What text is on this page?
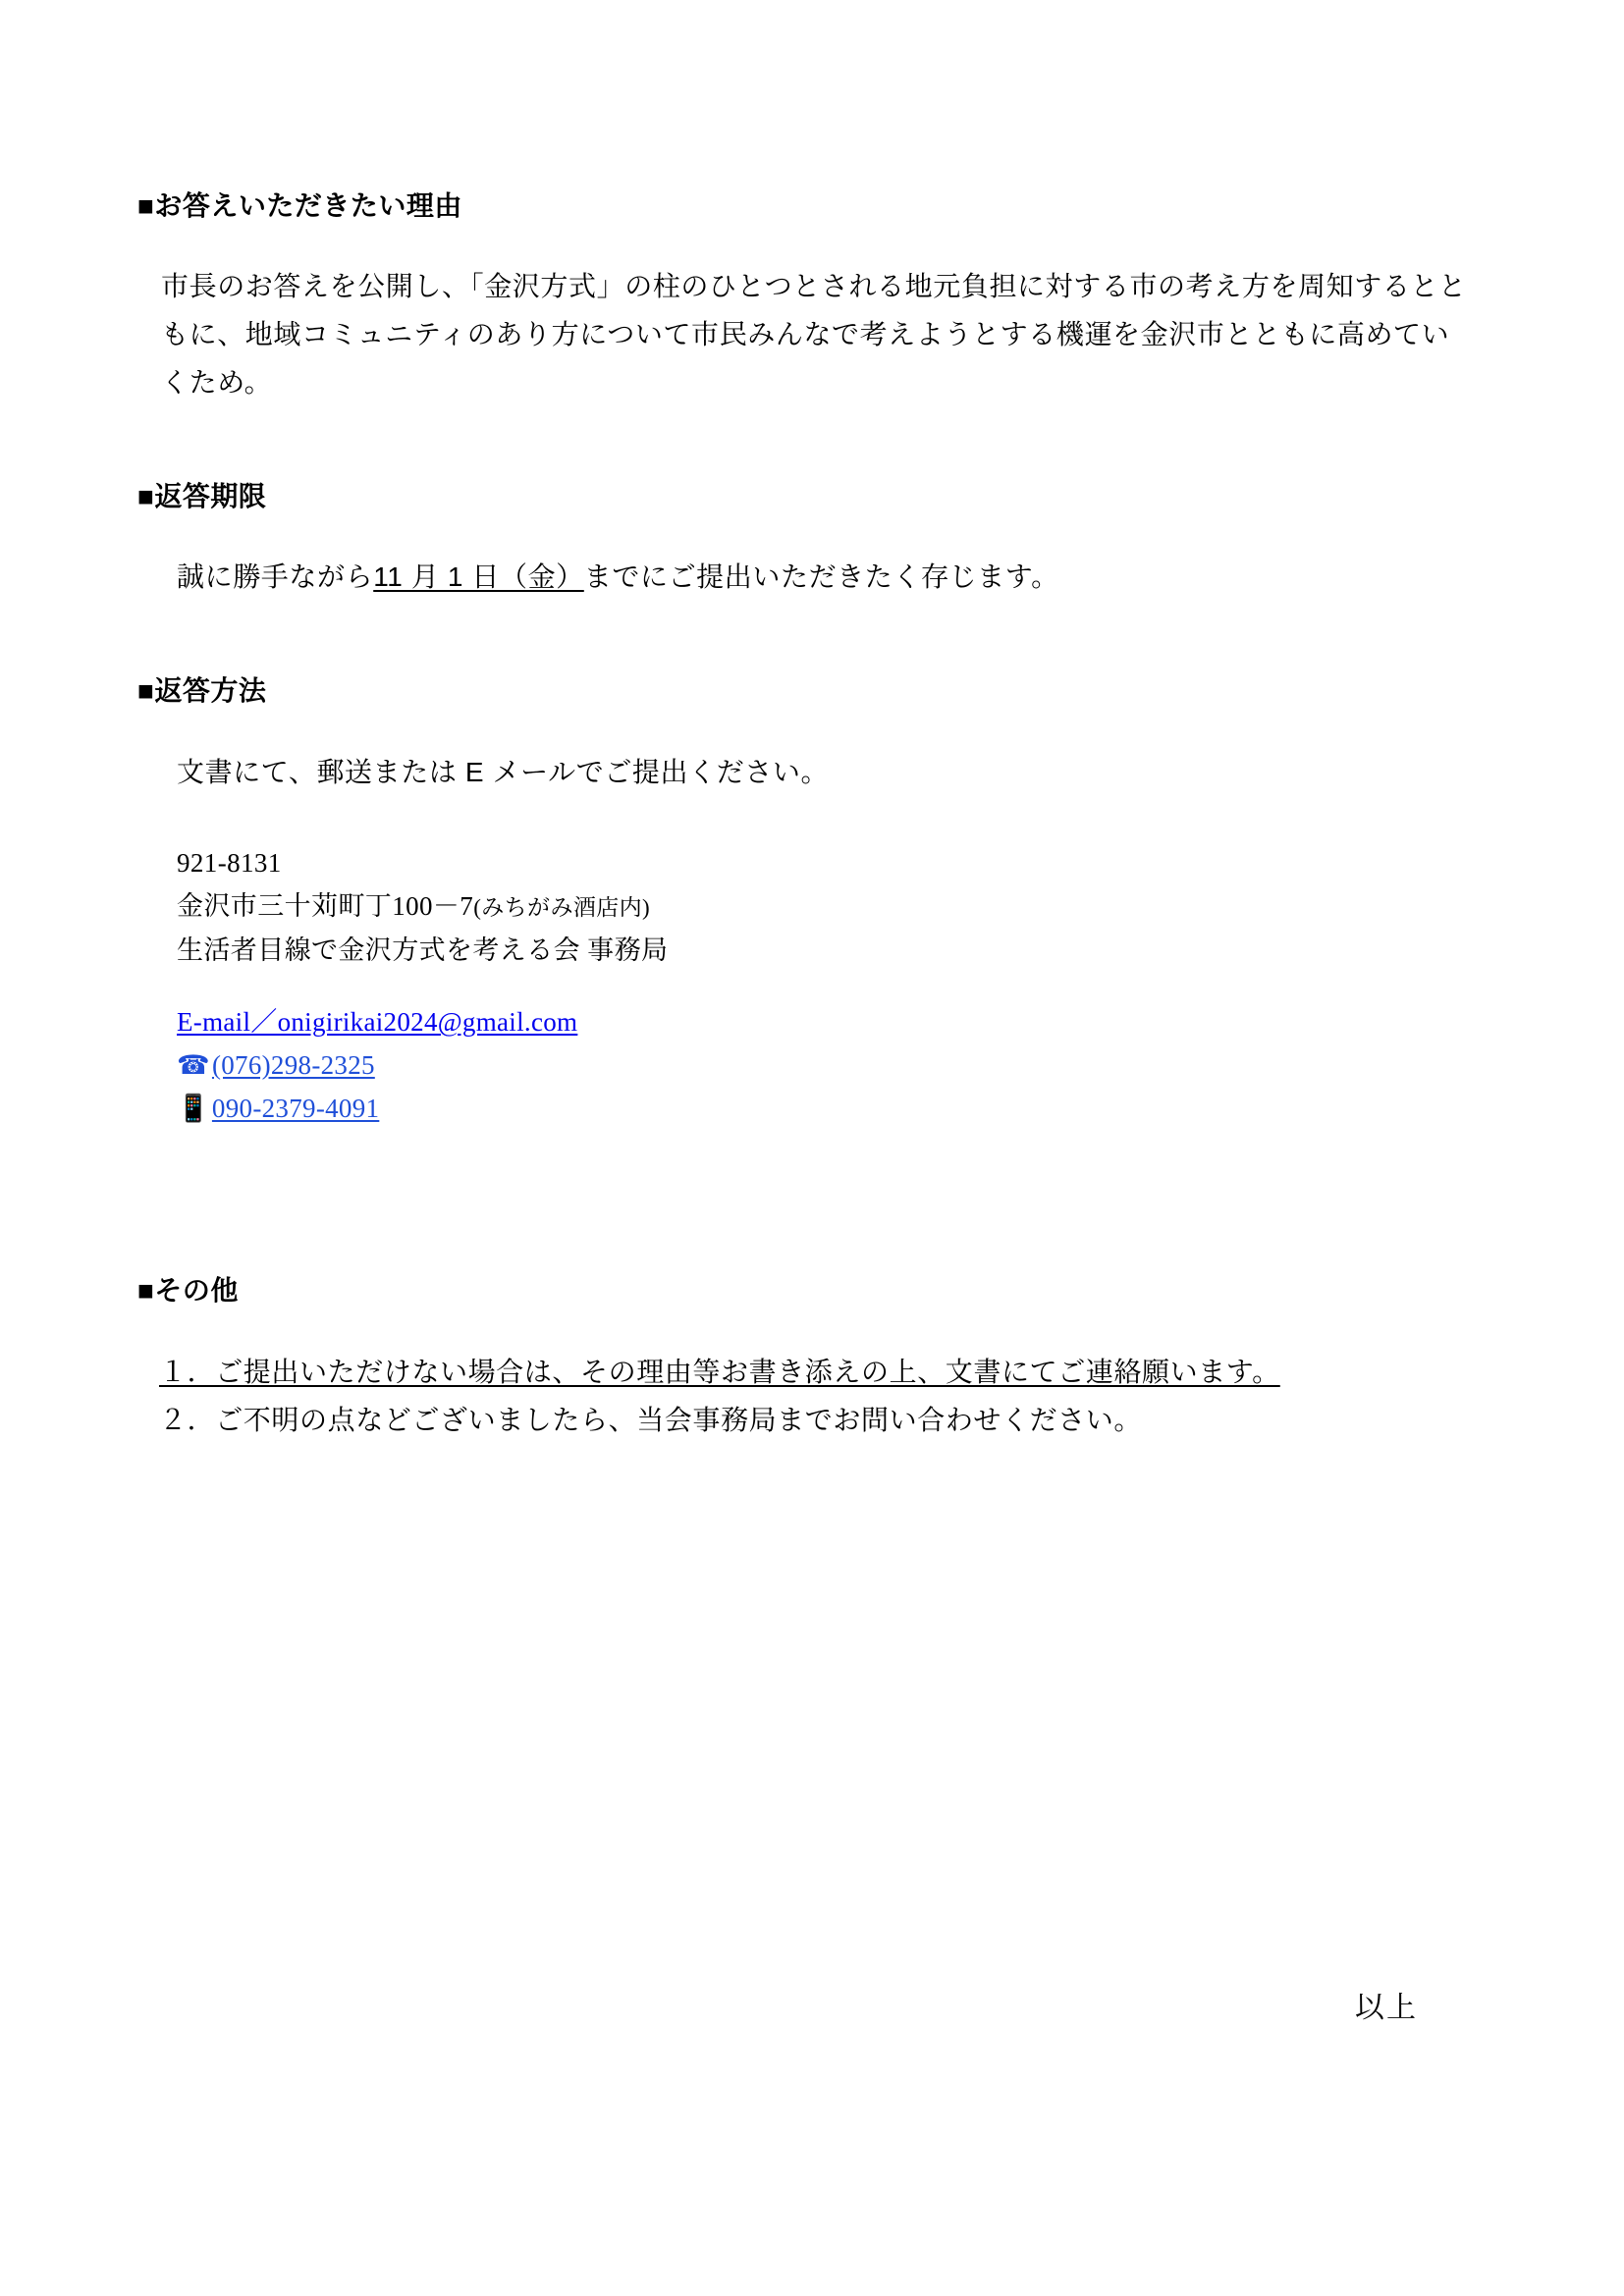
■お答えいただきたい理由
市長のお答えを公開し、「金沢方式」の柱のひとつとされる地元負担に対する市の考え方を周知するとともに、地域コミュニティのあり方について市民みんなで考えようとする機運を金沢市とともに高めていくため。
■返答期限
誠に勝手ながら11 月 1 日（金）までにご提出いただきたく存じます。
■返答方法
文書にて、郵送または E メールでご提出ください。
921-8131
金沢市三十苅町丁100－7(みちがみ酒店内)
生活者目線で金沢方式を考える会 事務局
E-mail／onigirikai2024@gmail.com
☎(076)298-2325
📱090-2379-4091
■その他
１．ご提出いただけない場合は、その理由等お書き添えの上、文書にてご連絡願います。
２．ご不明の点などございましたら、当会事務局までお問い合わせください。
以上
